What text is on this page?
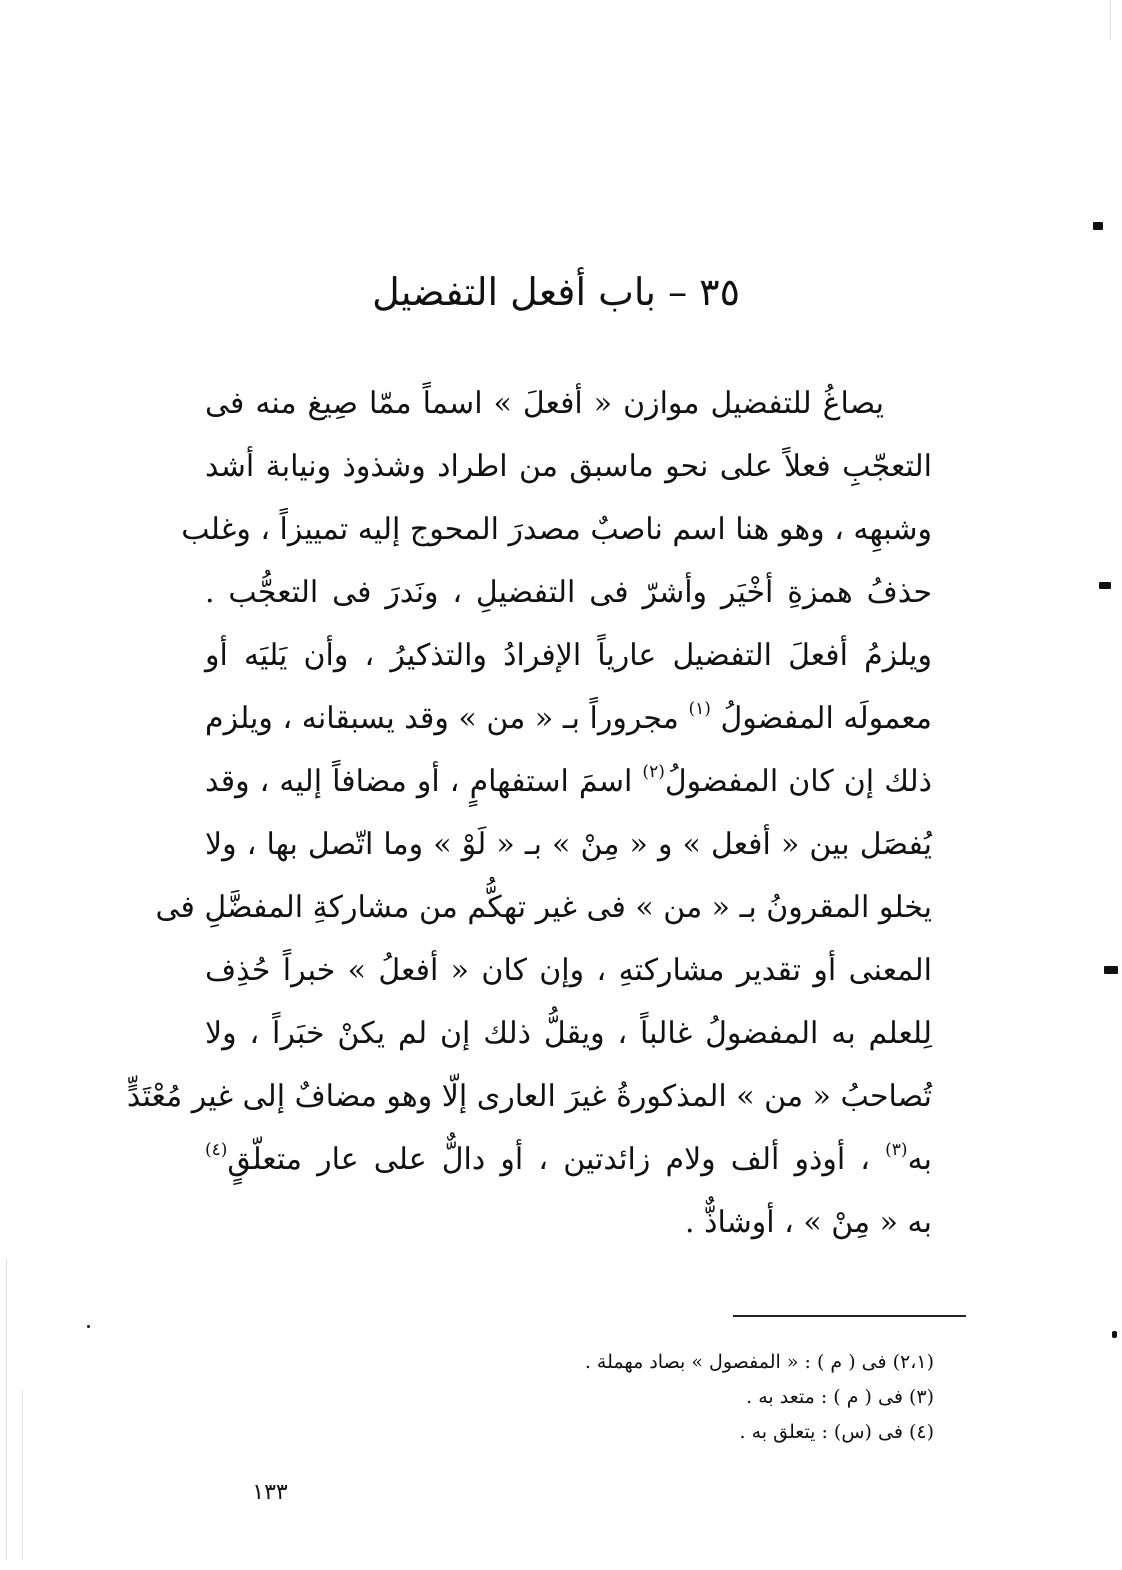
٣٥ – باب أفعل التفضيل
يصاغُ للتفضيل موازن « أفعلَ » اسماً ممّا صِيغ منه فى
التعجّبِ فعلاً على نحو ماسبق من اطراد وشذوذ ونيابة أشد
وشبهِه ، وهو هنا اسم ناصبٌ مصدرَ المحوج إليه تمييزاً ، وغلب
حذفُ همزةِ أخْيَر وأشرّ فى التفضيلِ ، ونَدرَ فى التعجُّب .
ويلزمُ أفعلَ التفضيل عارياً الإفرادُ والتذكيرُ ، وأن يَليَه أو
معمولَه المفضولُ $^{(١)}$ مجروراً بـ « من » وقد يسبقانه ، ويلزم
ذلك إن كان المفضولُ$^{(٢)}$ اسمَ استفهامٍ ، أو مضافاً إليه ، وقد
يُفصَل بين « أفعل » و « مِنْ » بـ « لَوْ » وما اتّصل بها ، ولا
يخلو المقرونُ بـ « من » فى غير تهكُّم من مشاركةِ المفضَّلِ فى
المعنى أو تقدير مشاركتهِ ، وإن كان « أفعلُ » خبراً حُذِف
لِلعلم به المفضولُ غالباً ، ويقلُّ ذلك إن لم يكنْ خبَراً ، ولا
تُصاحبُ « من » المذكورةُ غيرَ العارى إلّا وهو مضافٌ إلى غير مُعْتَدٍّ
به$^{(٣)}$ ، أوذو ألف ولام زائدتين ، أو دالٌّ على عار متعلّقٍ$^{(٤)}$
به « مِنْ » ، أوشاذٌّ .
(٢،١) فى ( م ) : « المفصول » بصاد مهملة .
(٣) فى ( م ) : متعد به .
(٤) فى (س) : يتعلق به .
١٣٣
